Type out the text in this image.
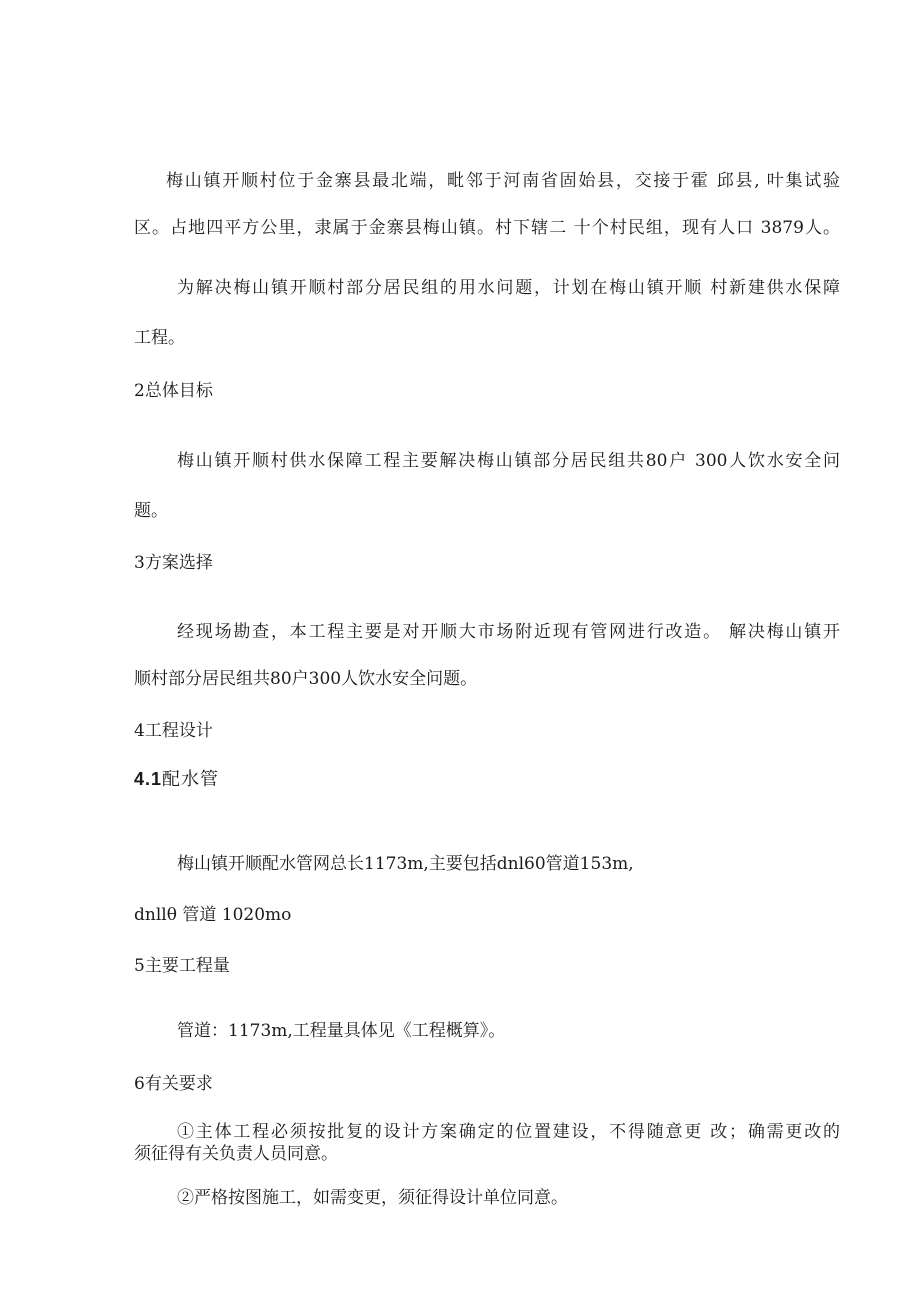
梅山镇开顺村位于金寨县最北端，毗邻于河南省固始县，交接于霍 邱县, 叶集试验
区。占地四平方公里，隶属于金寨县梅山镇。村下辖二 十个村民组，现有人口 3879人。
为解决梅山镇开顺村部分居民组的用水问题，计划在梅山镇开顺 村新建供水保障
工程。
2总体目标
梅山镇开顺村供水保障工程主要解决梅山镇部分居民组共80户 300人饮水安全问
题。
3方案选择
经现场勘查，本工程主要是对开顺大市场附近现有管网进行改造。 解决梅山镇开
顺村部分居民组共80户300人饮水安全问题。
4工程设计
4.1配水管
梅山镇开顺配水管网总长1173m,主要包括dnl60管道153m,
dnllθ 管道 1020mo
5主要工程量
管道：1173m,工程量具体见《工程概算》。
6有关要求
①主体工程必须按批复的设计方案确定的位置建设，不得随意更 改；确需更改的
须征得有关负责人员同意。
②严格按图施工，如需变更，须征得设计单位同意。
